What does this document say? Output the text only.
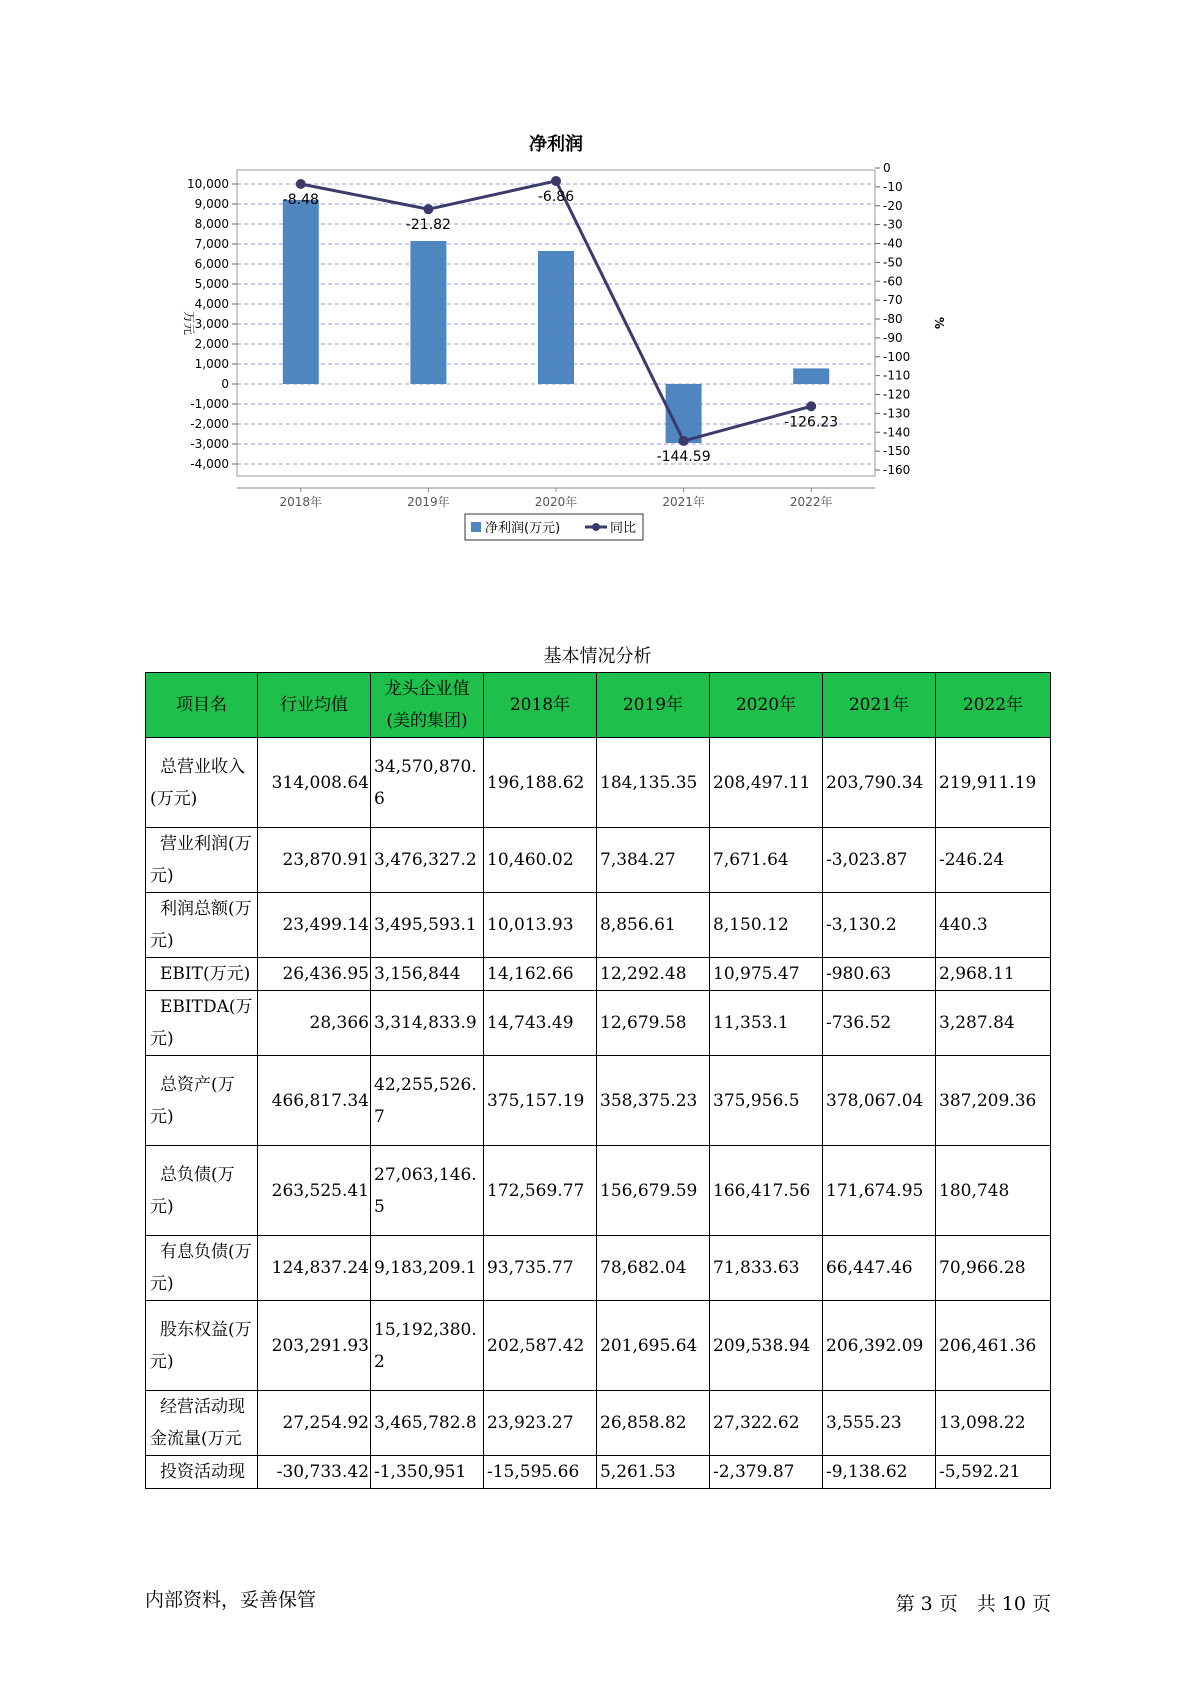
净利润
10,000
9,000
8,000
7,000
6,000
5,000
4,000
3,000
2,000
1,000
0
-1,000
-2,000
-3,000
-4,000
0
-10
-20
-30
-40
-50
-60
-70
-80
-90
-100
-110
-120
-130
-140
-150
-160
万元	%
2018年	2019年	2020年	2021年	2022年
-8.48
-21.82
-6.86
-144.59
-126.23
净利润(万元)	同比
基本情况分析
项目名	行业均值	龙头企业值(美的集团)	2018年	2019年	2020年	2021年	2022年
总营业收入(万元)	314,008.64	34,570,870.6	196,188.62	184,135.35	208,497.11	203,790.34	219,911.19
营业利润(万元)	23,870.91	3,476,327.2	10,460.02	7,384.27	7,671.64	-3,023.87	-246.24
利润总额(万元)	23,499.14	3,495,593.1	10,013.93	8,856.61	8,150.12	-3,130.2	440.3
EBIT(万元)	26,436.95	3,156,844	14,162.66	12,292.48	10,975.47	-980.63	2,968.11
EBITDA(万元)	28,366	3,314,833.9	14,743.49	12,679.58	11,353.1	-736.52	3,287.84
总资产(万元)	466,817.34	42,255,526.7	375,157.19	358,375.23	375,956.5	378,067.04	387,209.36
总负债(万元)	263,525.41	27,063,146.5	172,569.77	156,679.59	166,417.56	171,674.95	180,748
有息负债(万元)	124,837.24	9,183,209.1	93,735.77	78,682.04	71,833.63	66,447.46	70,966.28
股东权益(万元)	203,291.93	15,192,380.2	202,587.42	201,695.64	209,538.94	206,392.09	206,461.36
经营活动现金流量(万元	27,254.92	3,465,782.8	23,923.27	26,858.82	27,322.62	3,555.23	13,098.22
投资活动现	-30,733.42	-1,350,951	-15,595.66	5,261.53	-2,379.87	-9,138.62	-5,592.21
内部资料，妥善保管	第 3 页　共 10 页
